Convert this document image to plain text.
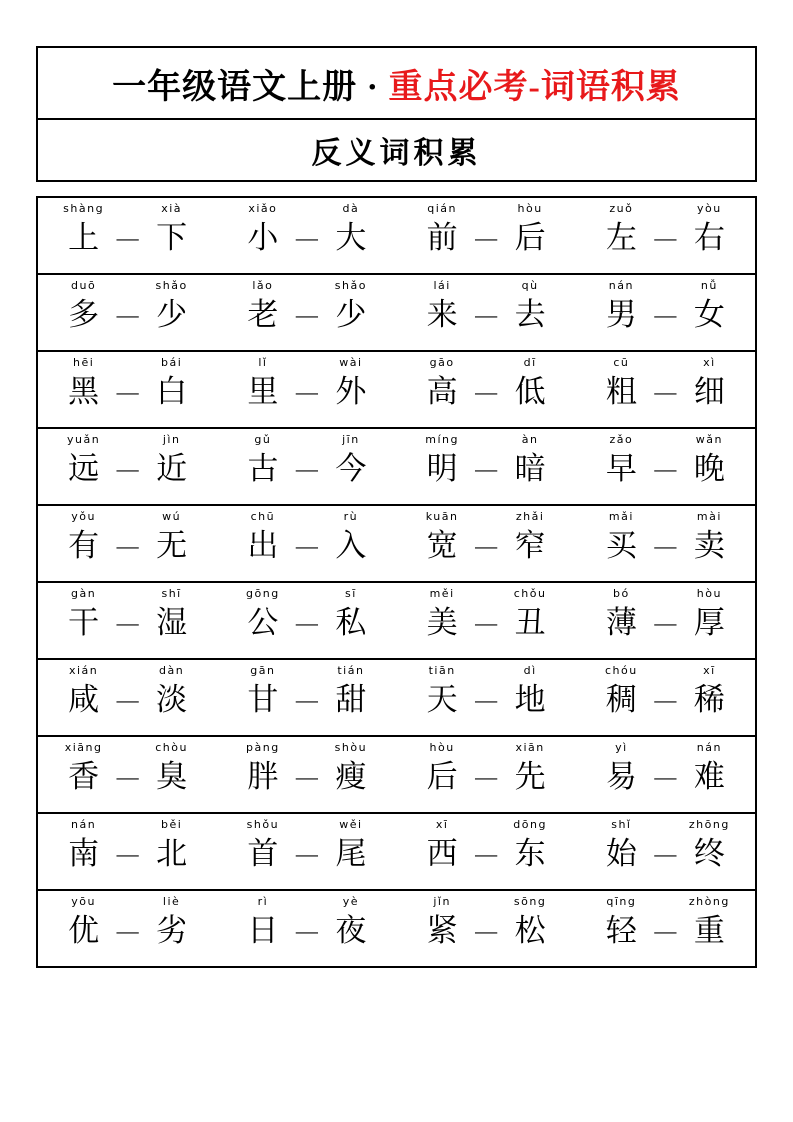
一年级语文上册 · 重点必考-词语积累
反义词积累
shàng
上 —
xià
下
xiǎo
小 —
dà
大
qián
前 —
hòu
后
zuǒ
左 —
yòu
右
duō
多 —
shǎo
少
lǎo
老 —
shǎo
少
lái
来 —
qù
去
nán
男 —
nǚ
女
hēi
黑 —
bái
白
lǐ
里 —
wài
外
gāo
高 —
dī
低
cū
粗 —
xì
细
yuǎn
远 —
jìn
近
gǔ
古 —
jīn
今
míng
明 —
àn
暗
zǎo
早 —
wǎn
晚
yǒu
有 —
wú
无
chū
出 —
rù
入
kuān
宽 —
zhǎi
窄
mǎi
买 —
mài
卖
gàn
干 —
shī
湿
gōng
公 —
sī
私
měi
美 —
chǒu
丑
bó
薄 —
hòu
厚
xián
咸 —
dàn
淡
gān
甘 —
tián
甜
tiān
天 —
dì
地
chóu
稠 —
xī
稀
xiāng
香 —
chòu
臭
pàng
胖 —
shòu
瘦
hòu
后 —
xiān
先
yì
易 —
nán
难
nán
南 —
běi
北
shǒu
首 —
wěi
尾
xī
西 —
dōng
东
shǐ
始 —
zhōng
终
yōu
优 —
liè
劣
rì
日 —
yè
夜
jǐn
紧 —
sōng
松
qīng
轻 —
zhòng
重
